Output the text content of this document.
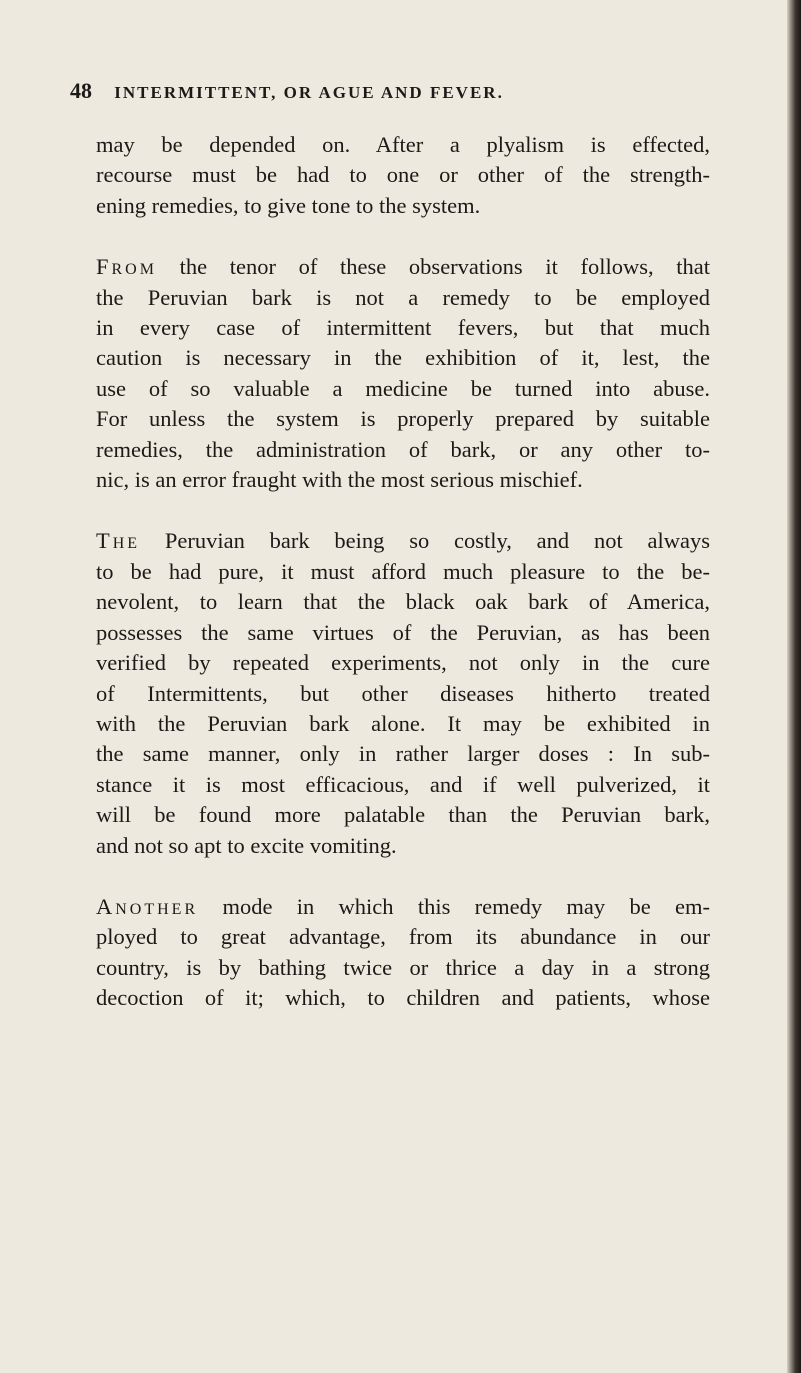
48 INTERMITTENT, OR AGUE AND FEVER.

may be depended on. After a plyalism is effected,
recourse must be had to one or other of the strength-
ening remedies, to give tone to the system.

From the tenor of these observations it follows, that
the Peruvian bark is not a remedy to be employed
in every case of intermittent fevers, but that much
caution is necessary in the exhibition of it, lest, the
use of so valuable a medicine be turned into abuse.
For unless the system is properly prepared by suitable
remedies, the administration of bark, or any other to-
nic, is an error fraught with the most serious mischief.

The Peruvian bark being so costly, and not always
to be had pure, it must afford much pleasure to the be-
nevolent, to learn that the black oak bark of America,
possesses the same virtues of the Peruvian, as has been
verified by repeated experiments, not only in the cure
of Intermittents, but other diseases hitherto treated
with the Peruvian bark alone. It may be exhibited in
the same manner, only in rather larger doses : In sub-
stance it is most efficacious, and if well pulverized, it
will be found more palatable than the Peruvian bark,
and not so apt to excite vomiting.

Another mode in which this remedy may be em-
ployed to great advantage, from its abundance in our
country, is by bathing twice or thrice a day in a strong
decoction of it; which, to children and patients, whose
